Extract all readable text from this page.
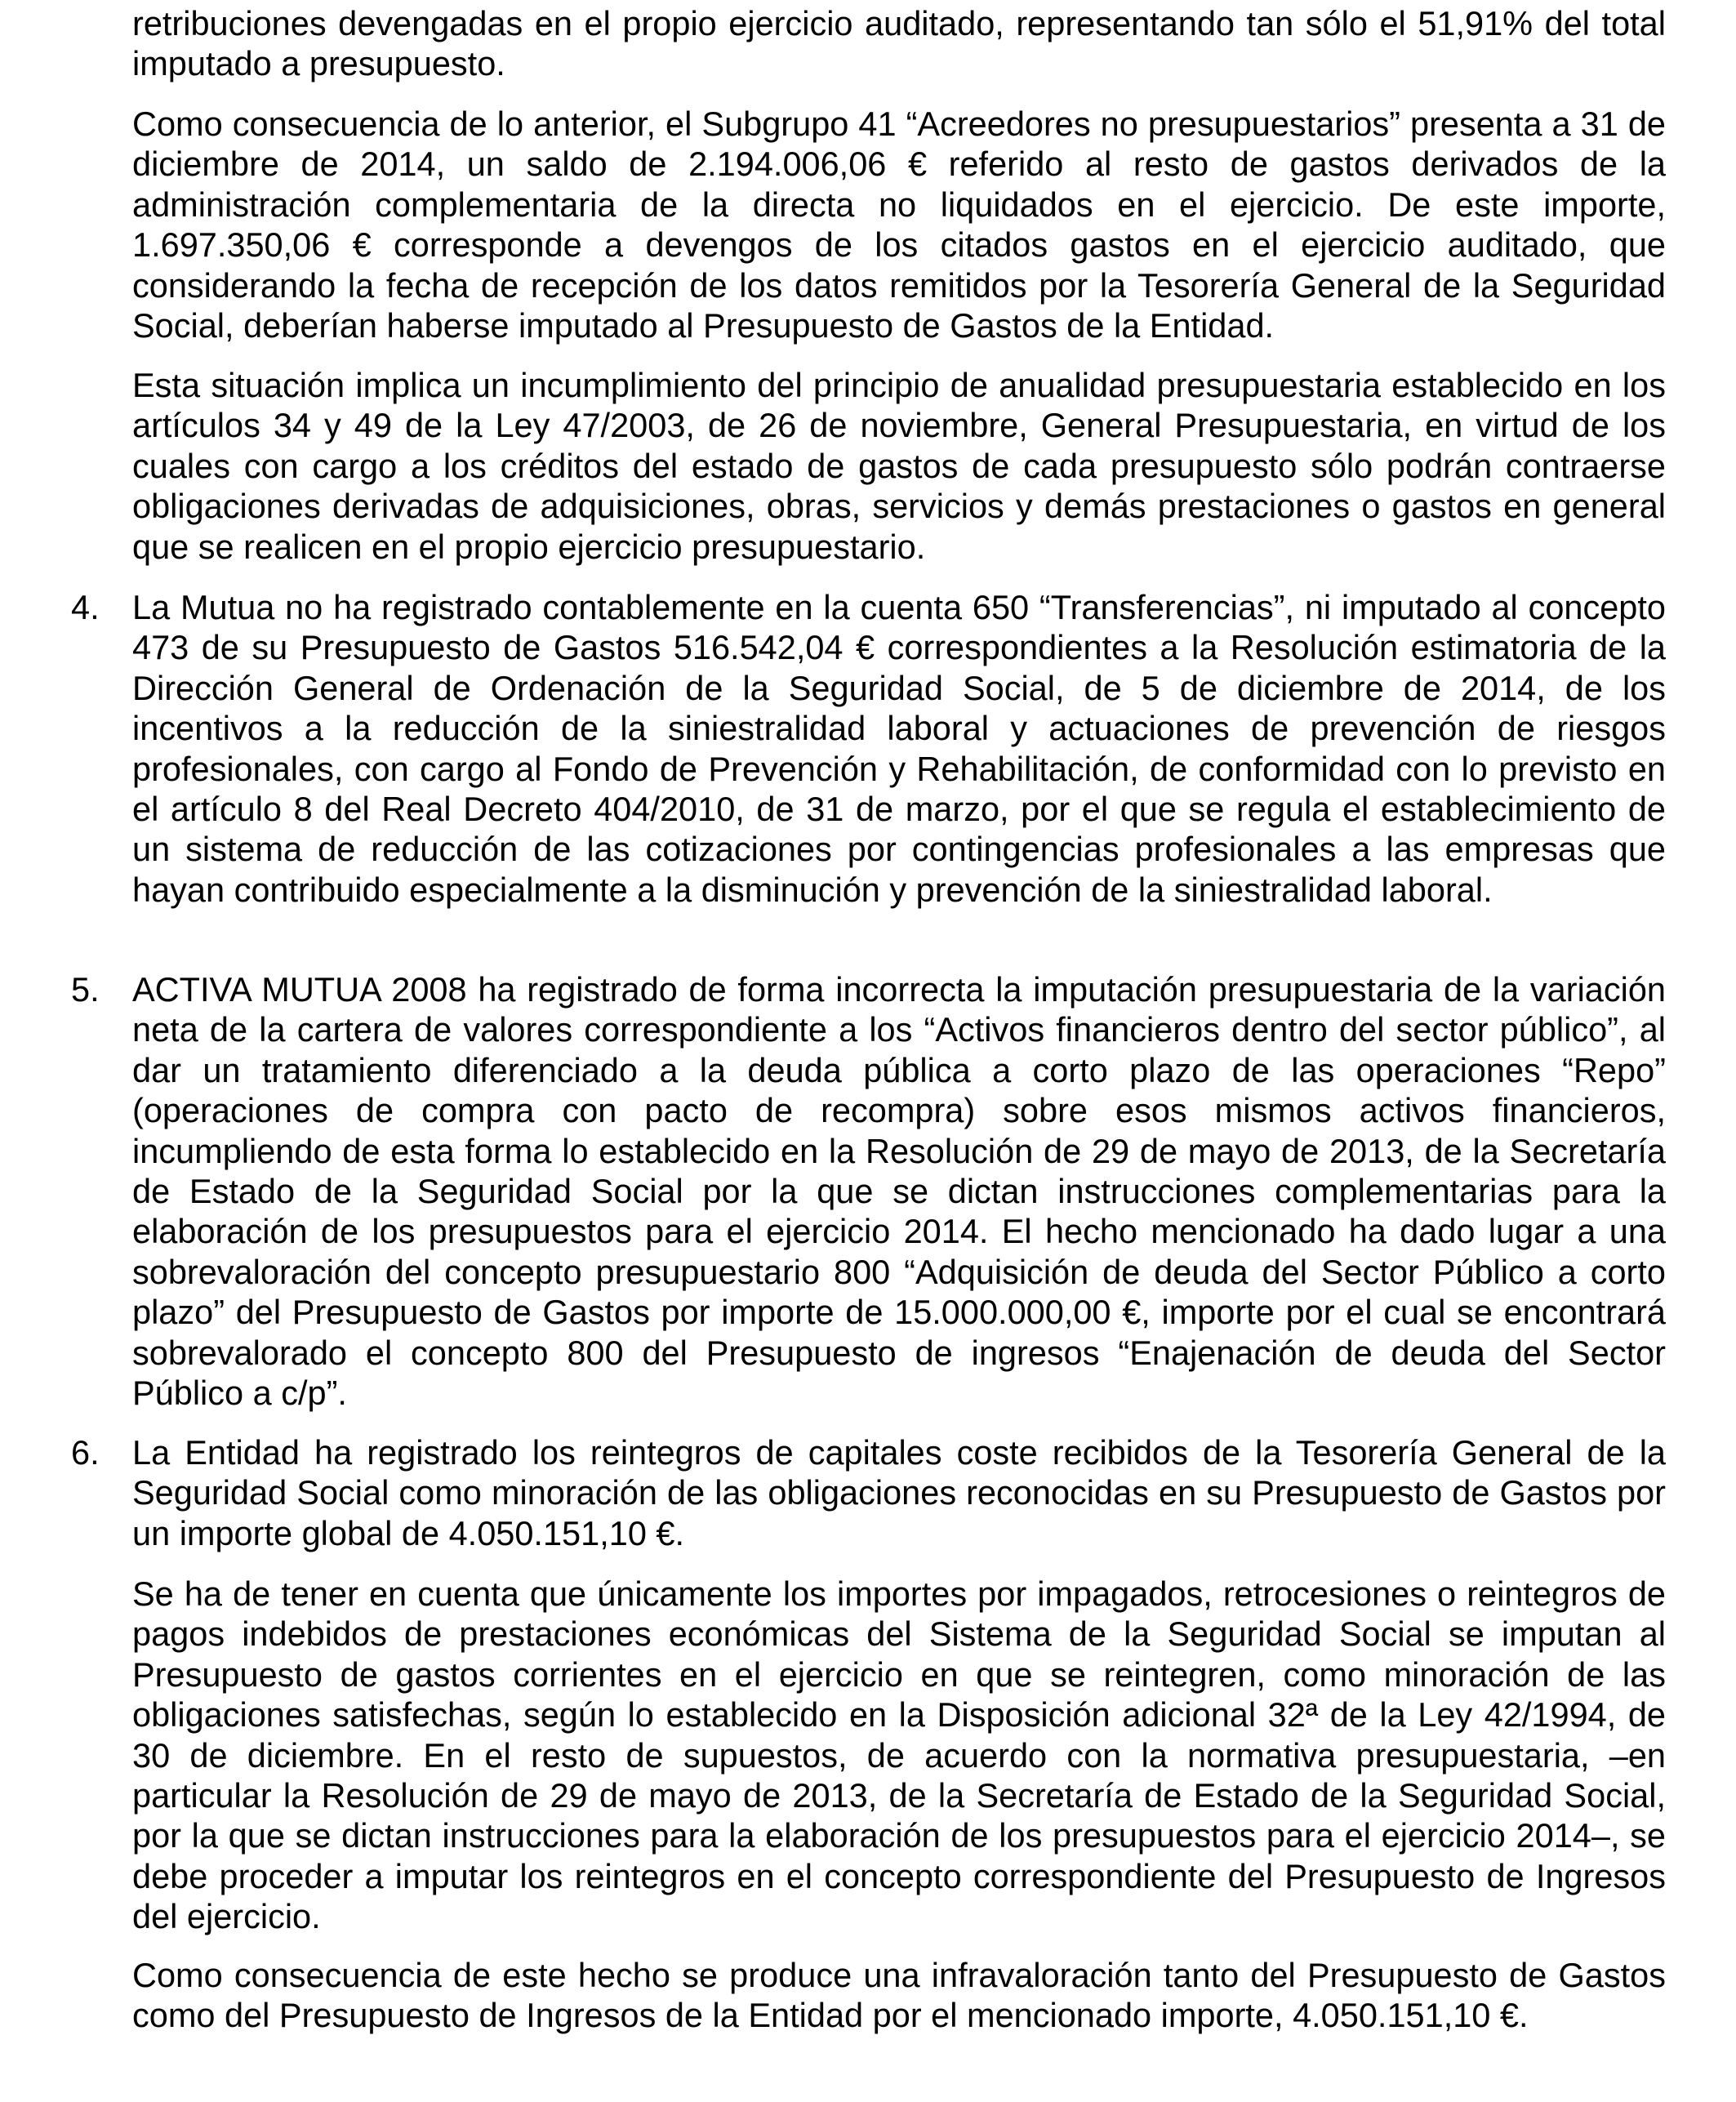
retribuciones devengadas en el propio ejercicio auditado, representando tan sólo el 51,91% del total imputado a presupuesto.

Como consecuencia de lo anterior, el Subgrupo 41 “Acreedores no presupuestarios” presenta a 31 de diciembre de 2014, un saldo de 2.194.006,06 € referido al resto de gastos derivados de la administración complementaria de la directa no liquidados en el ejercicio. De este importe, 1.697.350,06 € corresponde a devengos de los citados gastos en el ejercicio auditado, que considerando la fecha de recepción de los datos remitidos por la Tesorería General de la Seguridad Social, deberían haberse imputado al Presupuesto de Gastos de la Entidad.

Esta situación implica un incumplimiento del principio de anualidad presupuestaria establecido en los artículos 34 y 49 de la Ley 47/2003, de 26 de noviembre, General Presupuestaria, en virtud de los cuales con cargo a los créditos del estado de gastos de cada presupuesto sólo podrán contraerse obligaciones derivadas de adquisiciones, obras, servicios y demás prestaciones o gastos en general que se realicen en el propio ejercicio presupuestario.

4. La Mutua no ha registrado contablemente en la cuenta 650 “Transferencias”, ni imputado al concepto 473 de su Presupuesto de Gastos 516.542,04 € correspondientes a la Resolución estimatoria de la Dirección General de Ordenación de la Seguridad Social, de 5 de diciembre de 2014, de los incentivos a la reducción de la siniestralidad laboral y actuaciones de prevención de riesgos profesionales, con cargo al Fondo de Prevención y Rehabilitación, de conformidad con lo previsto en el artículo 8 del Real Decreto 404/2010, de 31 de marzo, por el que se regula el establecimiento de un sistema de reducción de las cotizaciones por contingencias profesionales a las empresas que hayan contribuido especialmente a la disminución y prevención de la siniestralidad laboral.

5. ACTIVA MUTUA 2008 ha registrado de forma incorrecta la imputación presupuestaria de la variación neta de la cartera de valores correspondiente a los “Activos financieros dentro del sector público”, al dar un tratamiento diferenciado a la deuda pública a corto plazo de las operaciones “Repo” (operaciones de compra con pacto de recompra) sobre esos mismos activos financieros, incumpliendo de esta forma lo establecido en la Resolución de 29 de mayo de 2013, de la Secretaría de Estado de la Seguridad Social por la que se dictan instrucciones complementarias para la elaboración de los presupuestos para el ejercicio 2014. El hecho mencionado ha dado lugar a una sobrevaloración del concepto presupuestario 800 “Adquisición de deuda del Sector Público a corto plazo” del Presupuesto de Gastos por importe de 15.000.000,00 €, importe por el cual se encontrará sobrevalorado el concepto 800 del Presupuesto de ingresos “Enajenación de deuda del Sector Público a c/p”.

6. La Entidad ha registrado los reintegros de capitales coste recibidos de la Tesorería General de la Seguridad Social como minoración de las obligaciones reconocidas en su Presupuesto de Gastos por un importe global de 4.050.151,10 €.

Se ha de tener en cuenta que únicamente los importes por impagados, retrocesiones o reintegros de pagos indebidos de prestaciones económicas del Sistema de la Seguridad Social se imputan al Presupuesto de gastos corrientes en el ejercicio en que se reintegren, como minoración de las obligaciones satisfechas, según lo establecido en la Disposición adicional 32ª de la Ley 42/1994, de 30 de diciembre. En el resto de supuestos, de acuerdo con la normativa presupuestaria, –en particular la Resolución de 29 de mayo de 2013, de la Secretaría de Estado de la Seguridad Social, por la que se dictan instrucciones para la elaboración de los presupuestos para el ejercicio 2014–, se debe proceder a imputar los reintegros en el concepto correspondiente del Presupuesto de Ingresos del ejercicio.

Como consecuencia de este hecho se produce una infravaloración tanto del Presupuesto de Gastos como del Presupuesto de Ingresos de la Entidad por el mencionado importe, 4.050.151,10 €.
